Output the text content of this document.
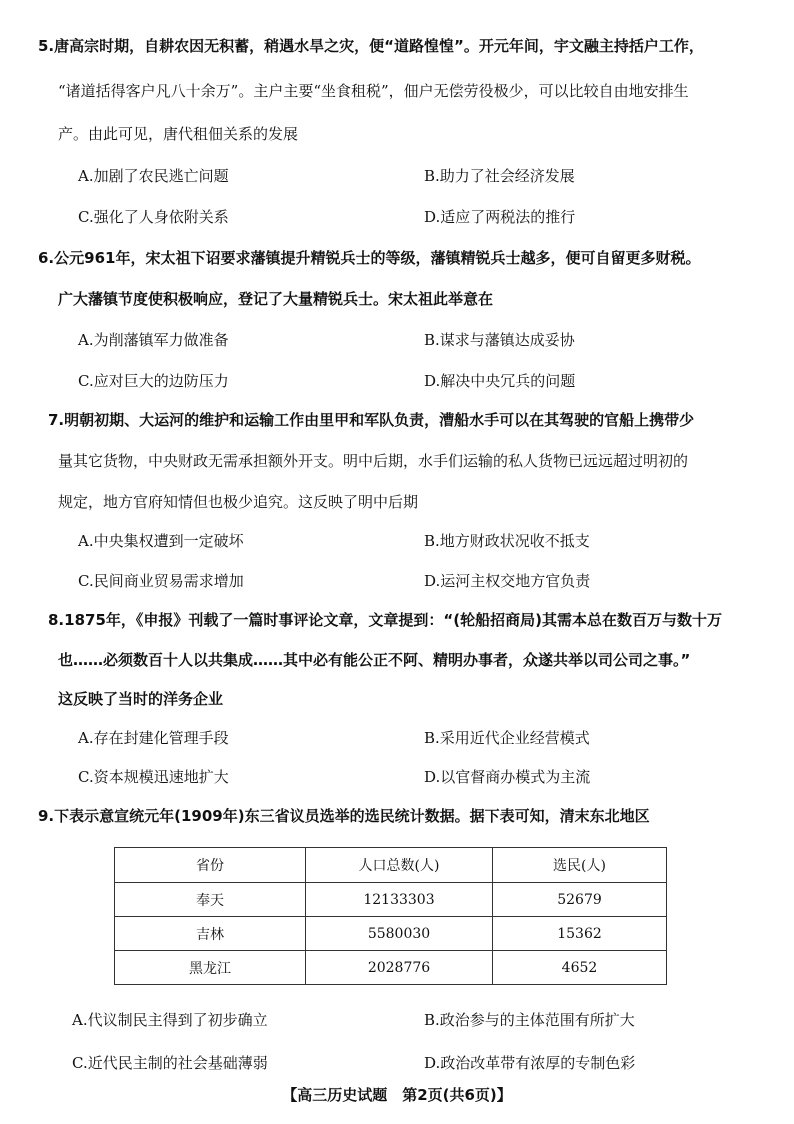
5.唐高宗时期，自耕农因无积蓄，稍遇水旱之灾，便“道路惶惶”。开元年间，宇文融主持括户工作，
“诸道括得客户凡八十余万”。主户主要“坐食租税”，佃户无偿劳役极少，可以比较自由地安排生
产。由此可见，唐代租佃关系的发展
A.加剧了农民逃亡问题	B.助力了社会经济发展
C.强化了人身依附关系	D.适应了两税法的推行
6.公元961年，宋太祖下诏要求藩镇提升精锐兵士的等级，藩镇精锐兵士越多，便可自留更多财税。
广大藩镇节度使积极响应，登记了大量精锐兵士。宋太祖此举意在
A.为削藩镇军力做准备	B.谋求与藩镇达成妥协
C.应对巨大的边防压力	D.解决中央冗兵的问题
7.明朝初期、大运河的维护和运输工作由里甲和军队负责，漕船水手可以在其驾驶的官船上携带少
量其它货物，中央财政无需承担额外开支。明中后期，水手们运输的私人货物已远远超过明初的
规定，地方官府知情但也极少追究。这反映了明中后期
A.中央集权遭到一定破坏	B.地方财政状况收不抵支
C.民间商业贸易需求增加	D.运河主权交地方官负责
8.1875年，《申报》刊载了一篇时事评论文章，文章提到：“(轮船招商局)其需本总在数百万与数十万
也……必须数百十人以共集成……其中必有能公正不阿、精明办事者，众遂共举以司公司之事。”
这反映了当时的洋务企业
A.存在封建化管理手段	B.采用近代企业经营模式
C.资本规模迅速地扩大	D.以官督商办模式为主流
9.下表示意宣统元年(1909年)东三省议员选举的选民统计数据。据下表可知，清末东北地区
省份	人口总数(人)	选民(人)
奉天	12133303	52679
吉林	5580030	15362
黑龙江	2028776	4652
A.代议制民主得到了初步确立	B.政治参与的主体范围有所扩大
C.近代民主制的社会基础薄弱	D.政治改革带有浓厚的专制色彩
【高三历史试题　第2页(共6页)】
